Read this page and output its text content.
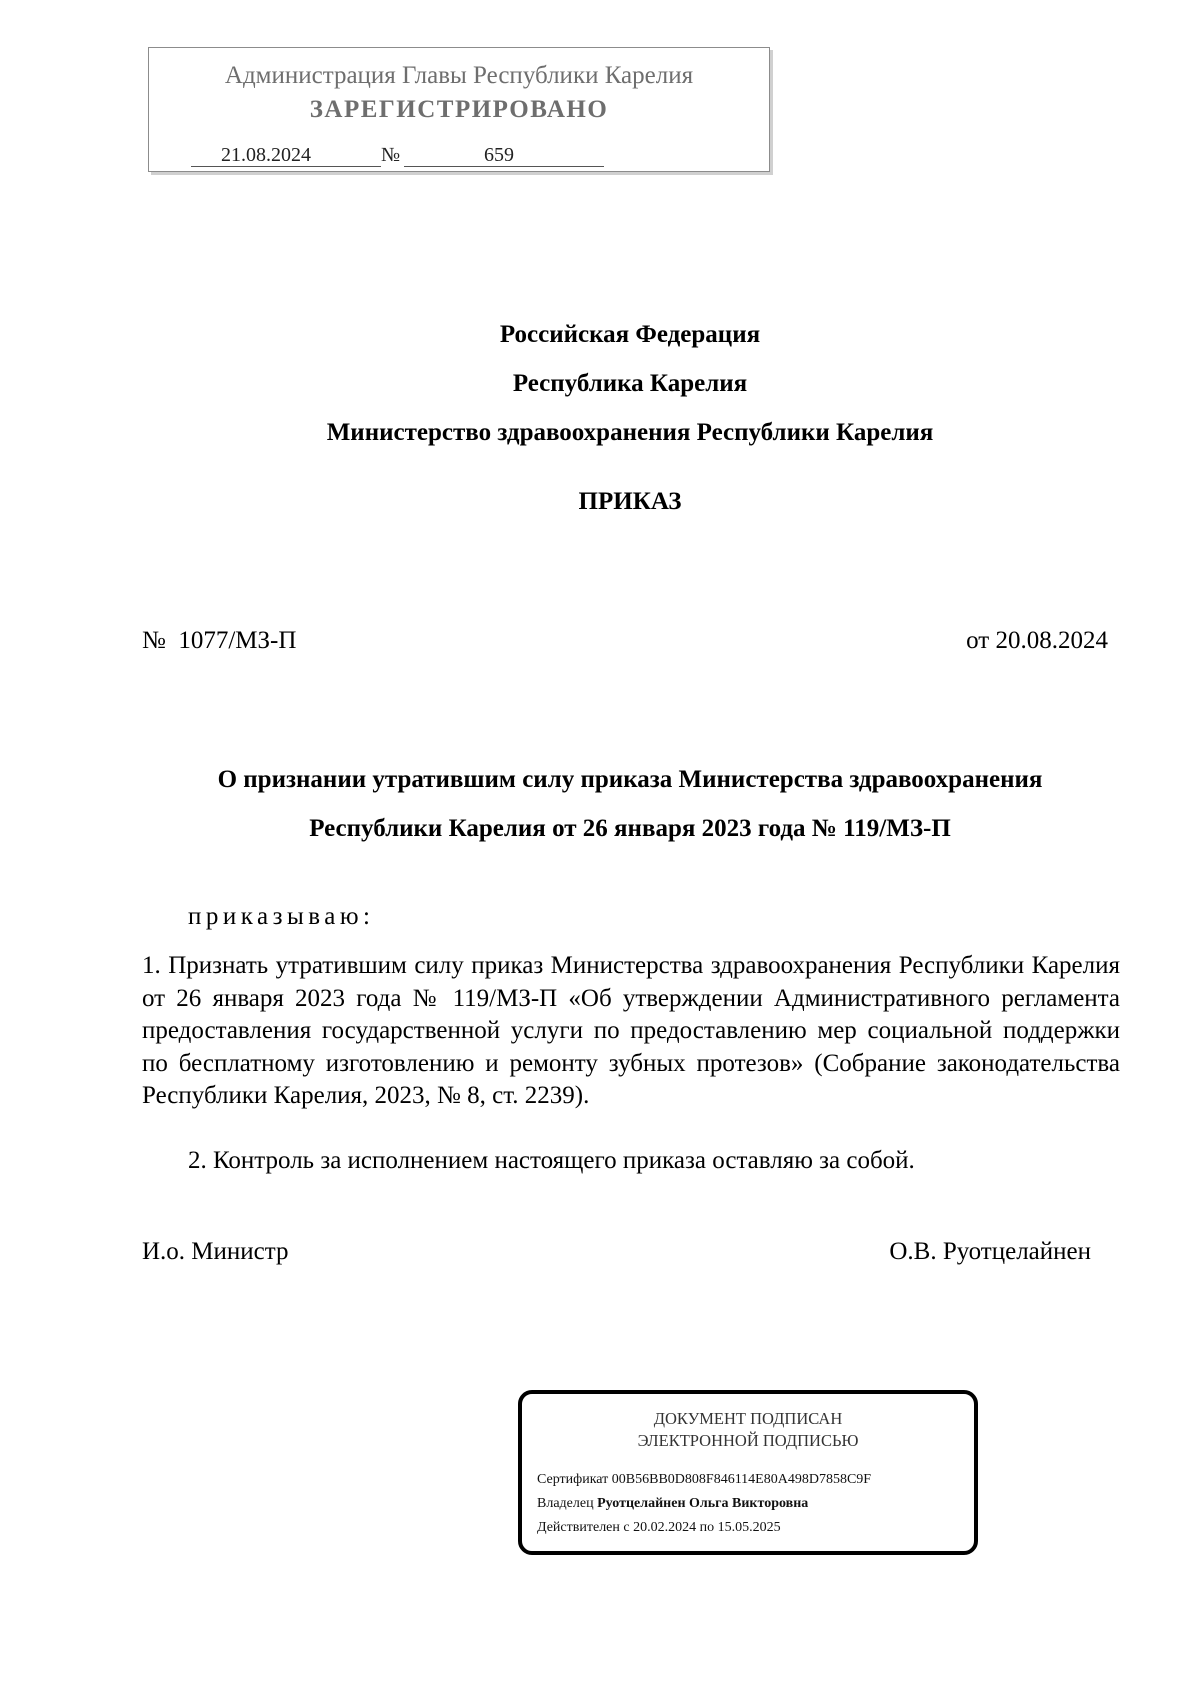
Администрация Главы Республики Карелия
ЗАРЕГИСТРИРОВАНО
21.08.2024	№	659
Российская Федерация
Республика Карелия
Министерство здравоохранения Республики Карелия
ПРИКАЗ
№  1077/МЗ-П	от 20.08.2024
О признании утратившим силу приказа Министерства здравоохранения
Республики Карелия от 26 января 2023 года № 119/МЗ-П
приказываю:
1. Признать утратившим силу приказ Министерства здравоохранения Республики Карелия от 26 января 2023 года № 119/МЗ-П «Об утверждении Административного регламента предоставления государственной услуги по предоставлению мер социальной поддержки по бесплатному изготовлению и ремонту зубных протезов» (Собрание законодательства Республики Карелия, 2023, № 8, ст. 2239).
2. Контроль за исполнением настоящего приказа оставляю за собой.
И.о. Министр	О.В. Руотцелайнен
ДОКУМЕНТ ПОДПИСАН
ЭЛЕКТРОННОЙ ПОДПИСЬЮ
Сертификат 00B56BB0D808F846114E80A498D7858C9F
Владелец Руотцелайнен Ольга Викторовна
Действителен с 20.02.2024 по 15.05.2025
